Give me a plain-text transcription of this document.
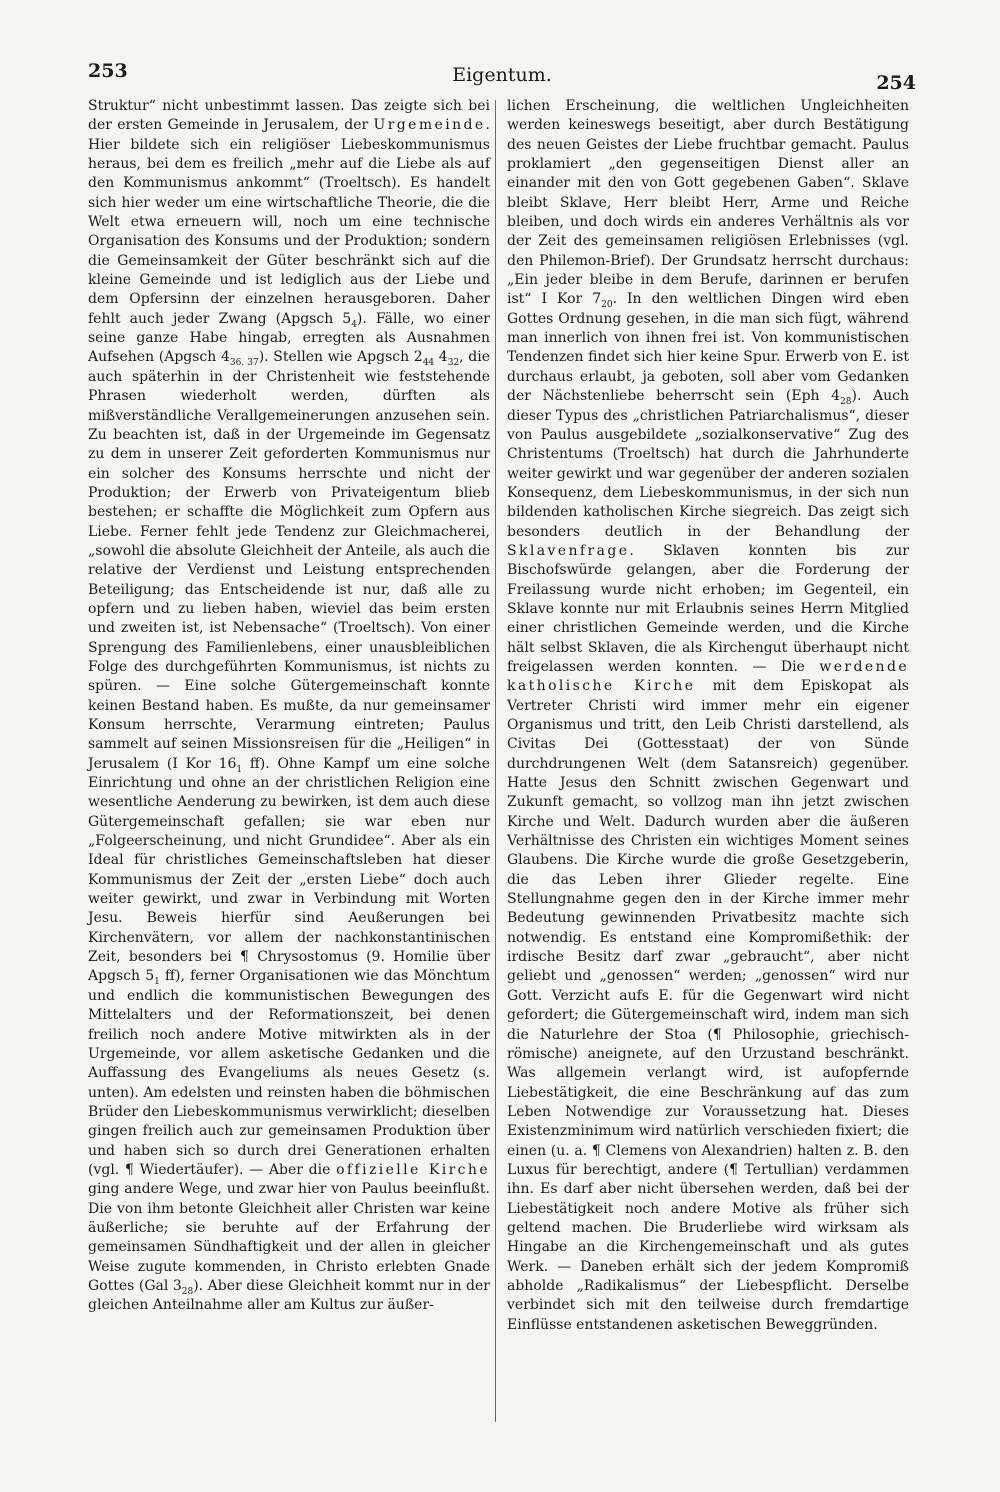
253	Eigentum.	254

Struktur“ nicht unbestimmt lassen. Das zeigte sich bei der ersten Gemeinde in Jerusalem, der Urgemeinde. Hier bildete sich ein religiöser Liebeskommunismus heraus, bei dem es freilich „mehr auf die Liebe als auf den Kommunismus ankommt“ (Troeltsch). Es handelt sich hier weder um eine wirtschaftliche Theorie, die die Welt etwa erneuern will, noch um eine technische Organisation des Konsums und der Produktion; sondern die Gemeinsamkeit der Güter beschränkt sich auf die kleine Gemeinde und ist lediglich aus der Liebe und dem Opfersinn der einzelnen herausgeboren. Daher fehlt auch jeder Zwang (Apgsch $5_4$). Fälle, wo einer seine ganze Habe hingab, erregten als Ausnahmen Aufsehen (Apgsch $4_{36. 37}$). Stellen wie Apgsch $2_{44}$ $4_{32}$, die auch späterhin in der Christenheit wie feststehende Phrasen wiederholt werden, dürften als mißverständliche Verallgemeinerungen anzusehen sein. Zu beachten ist, daß in der Urgemeinde im Gegensatz zu dem in unserer Zeit geforderten Kommunismus nur ein solcher des Konsums herrschte und nicht der Produktion; der Erwerb von Privateigentum blieb bestehen; er schaffte die Möglichkeit zum Opfern aus Liebe. Ferner fehlt jede Tendenz zur Gleichmacherei, „sowohl die absolute Gleichheit der Anteile, als auch die relative der Verdienst und Leistung entsprechenden Beteiligung; das Entscheidende ist nur, daß alle zu opfern und zu lieben haben, wieviel das beim ersten und zweiten ist, ist Nebensache“ (Troeltsch). Von einer Sprengung des Familienlebens, einer unausbleiblichen Folge des durchgeführten Kommunismus, ist nichts zu spüren. — Eine solche Gütergemeinschaft konnte keinen Bestand haben. Es mußte, da nur gemeinsamer Konsum herrschte, Verarmung eintreten; Paulus sammelt auf seinen Missionsreisen für die „Heiligen“ in Jerusalem (I Kor $16_1$ ff). Ohne Kampf um eine solche Einrichtung und ohne an der christlichen Religion eine wesentliche Aenderung zu bewirken, ist dem auch diese Gütergemeinschaft gefallen; sie war eben nur „Folgeerscheinung, und nicht Grundidee“. Aber als ein Ideal für christliches Gemeinschaftsleben hat dieser Kommunismus der Zeit der „ersten Liebe“ doch auch weiter gewirkt, und zwar in Verbindung mit Worten Jesu. Beweis hierfür sind Aeußerungen bei Kirchenvätern, vor allem der nachkonstantinischen Zeit, besonders bei ¶ Chrysostomus (9. Homilie über Apgsch $5_1$ ff), ferner Organisationen wie das Mönchtum und endlich die kommunistischen Bewegungen des Mittelalters und der Reformationszeit, bei denen freilich noch andere Motive mitwirkten als in der Urgemeinde, vor allem asketische Gedanken und die Auffassung des Evangeliums als neues Gesetz (s. unten). Am edelsten und reinsten haben die böhmischen Brüder den Liebeskommunismus verwirklicht; dieselben gingen freilich auch zur gemeinsamen Produktion über und haben sich so durch drei Generationen erhalten (vgl. ¶ Wiedertäufer). — Aber die offizielle Kirche ging andere Wege, und zwar hier von Paulus beeinflußt. Die von ihm betonte Gleichheit aller Christen war keine äußerliche; sie beruhte auf der Erfahrung der gemeinsamen Sündhaftigkeit und der allen in gleicher Weise zugute kommenden, in Christo erlebten Gnade Gottes (Gal $3_{28}$). Aber diese Gleichheit kommt nur in der gleichen Anteilnahme aller am Kultus zur äußer-

lichen Erscheinung, die weltlichen Ungleichheiten werden keineswegs beseitigt, aber durch Bestätigung des neuen Geistes der Liebe fruchtbar gemacht. Paulus proklamiert „den gegenseitigen Dienst aller an einander mit den von Gott gegebenen Gaben“. Sklave bleibt Sklave, Herr bleibt Herr, Arme und Reiche bleiben, und doch wirds ein anderes Verhältnis als vor der Zeit des gemeinsamen religiösen Erlebnisses (vgl. den Philemon-Brief). Der Grundsatz herrscht durchaus: „Ein jeder bleibe in dem Berufe, darinnen er berufen ist“ I Kor $7_{20}$. In den weltlichen Dingen wird eben Gottes Ordnung gesehen, in die man sich fügt, während man innerlich von ihnen frei ist. Von kommunistischen Tendenzen findet sich hier keine Spur. Erwerb von E. ist durchaus erlaubt, ja geboten, soll aber vom Gedanken der Nächstenliebe beherrscht sein (Eph $4_{28}$). Auch dieser Typus des „christlichen Patriarchalismus“, dieser von Paulus ausgebildete „sozialkonservative“ Zug des Christentums (Troeltsch) hat durch die Jahrhunderte weiter gewirkt und war gegenüber der anderen sozialen Konsequenz, dem Liebeskommunismus, in der sich nun bildenden katholischen Kirche siegreich. Das zeigt sich besonders deutlich in der Behandlung der Sklavenfrage. Sklaven konnten bis zur Bischofswürde gelangen, aber die Forderung der Freilassung wurde nicht erhoben; im Gegenteil, ein Sklave konnte nur mit Erlaubnis seines Herrn Mitglied einer christlichen Gemeinde werden, und die Kirche hält selbst Sklaven, die als Kirchengut überhaupt nicht freigelassen werden konnten. — Die werdende katholische Kirche mit dem Episkopat als Vertreter Christi wird immer mehr ein eigener Organismus und tritt, den Leib Christi darstellend, als Civitas Dei (Gottesstaat) der von Sünde durchdrungenen Welt (dem Satansreich) gegenüber. Hatte Jesus den Schnitt zwischen Gegenwart und Zukunft gemacht, so vollzog man ihn jetzt zwischen Kirche und Welt. Dadurch wurden aber die äußeren Verhältnisse des Christen ein wichtiges Moment seines Glaubens. Die Kirche wurde die große Gesetzgeberin, die das Leben ihrer Glieder regelte. Eine Stellungnahme gegen den in der Kirche immer mehr Bedeutung gewinnenden Privatbesitz machte sich notwendig. Es entstand eine Kompromißethik: der irdische Besitz darf zwar „gebraucht“, aber nicht geliebt und „genossen“ werden; „genossen“ wird nur Gott. Verzicht aufs E. für die Gegenwart wird nicht gefordert; die Gütergemeinschaft wird, indem man sich die Naturlehre der Stoa (¶ Philosophie, griechisch-römische) aneignete, auf den Urzustand beschränkt. Was allgemein verlangt wird, ist aufopfernde Liebestätigkeit, die eine Beschränkung auf das zum Leben Notwendige zur Voraussetzung hat. Dieses Existenzminimum wird natürlich verschieden fixiert; die einen (u. a. ¶ Clemens von Alexandrien) halten z. B. den Luxus für berechtigt, andere (¶ Tertullian) verdammen ihn. Es darf aber nicht übersehen werden, daß bei der Liebestätigkeit noch andere Motive als früher sich geltend machen. Die Bruderliebe wird wirksam als Hingabe an die Kirchengemeinschaft und als gutes Werk. — Daneben erhält sich der jedem Kompromiß abholde „Radikalismus“ der Liebespflicht. Derselbe verbindet sich mit den teilweise durch fremdartige Einflüsse entstandenen asketischen Beweggründen.
